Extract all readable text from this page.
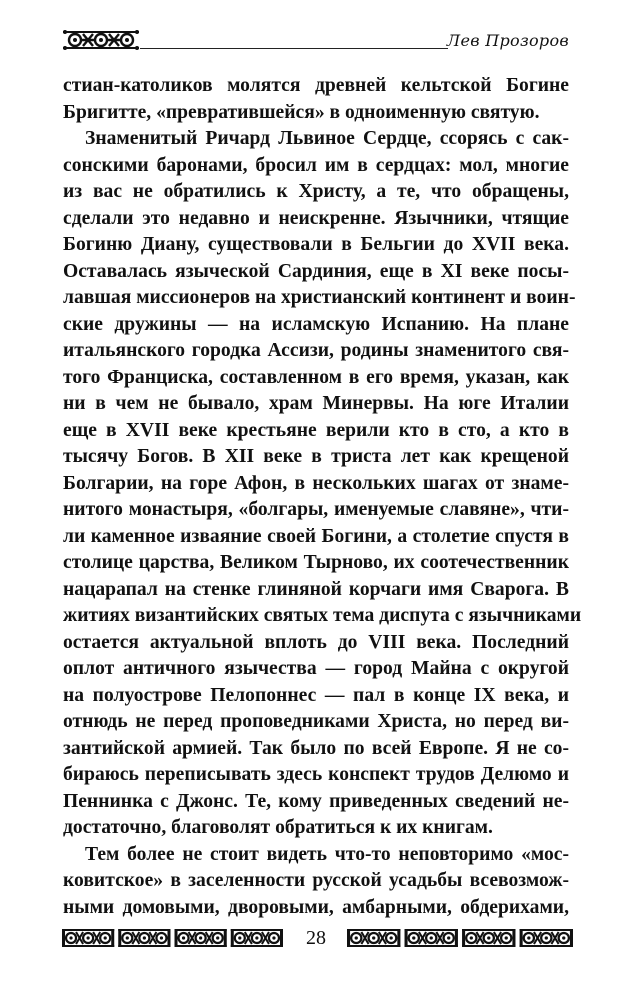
Лев Прозоров

стиан-католиков молятся древней кельтской Богине
Бригитте, «превратившейся» в одноименную святую.

Знаменитый Ричард Львиное Сердце, ссорясь с сак-
сонскими баронами, бросил им в сердцах: мол, многие
из вас не обратились к Христу, а те, что обращены,
сделали это недавно и неискренне. Язычники, чтящие
Богиню Диану, существовали в Бельгии до XVII века.
Оставалась языческой Сардиния, еще в XI веке посы-
лавшая миссионеров на христианский континент и воин-
ские дружины — на исламскую Испанию. На плане
итальянского городка Ассизи, родины знаменитого свя-
того Франциска, составленном в его время, указан, как
ни в чем не бывало, храм Минервы. На юге Италии
еще в XVII веке крестьяне верили кто в сто, а кто в
тысячу Богов. В XII веке в триста лет как крещеной
Болгарии, на горе Афон, в нескольких шагах от знаме-
нитого монастыря, «болгары, именуемые славяне», чти-
ли каменное изваяние своей Богини, а столетие спустя в
столице царства, Великом Тырново, их соотечественник
нацарапал на стенке глиняной корчаги имя Сварога. В
житиях византийских святых тема диспута с язычниками
остается актуальной вплоть до VIII века. Последний
оплот античного язычества — город Майна с округой
на полуострове Пелопоннес — пал в конце IX века, и
отнюдь не перед проповедниками Христа, но перед ви-
зантийской армией. Так было по всей Европе. Я не со-
бираюсь переписывать здесь конспект трудов Делюмо и
Пеннинка с Джонс. Те, кому приведенных сведений не-
достаточно, благоволят обратиться к их книгам.

Тем более не стоит видеть что-то неповторимо «мос-
ковитское» в заселенности русской усадьбы всевозмож-
ными домовыми, дворовыми, амбарными, обдерихами,

28
